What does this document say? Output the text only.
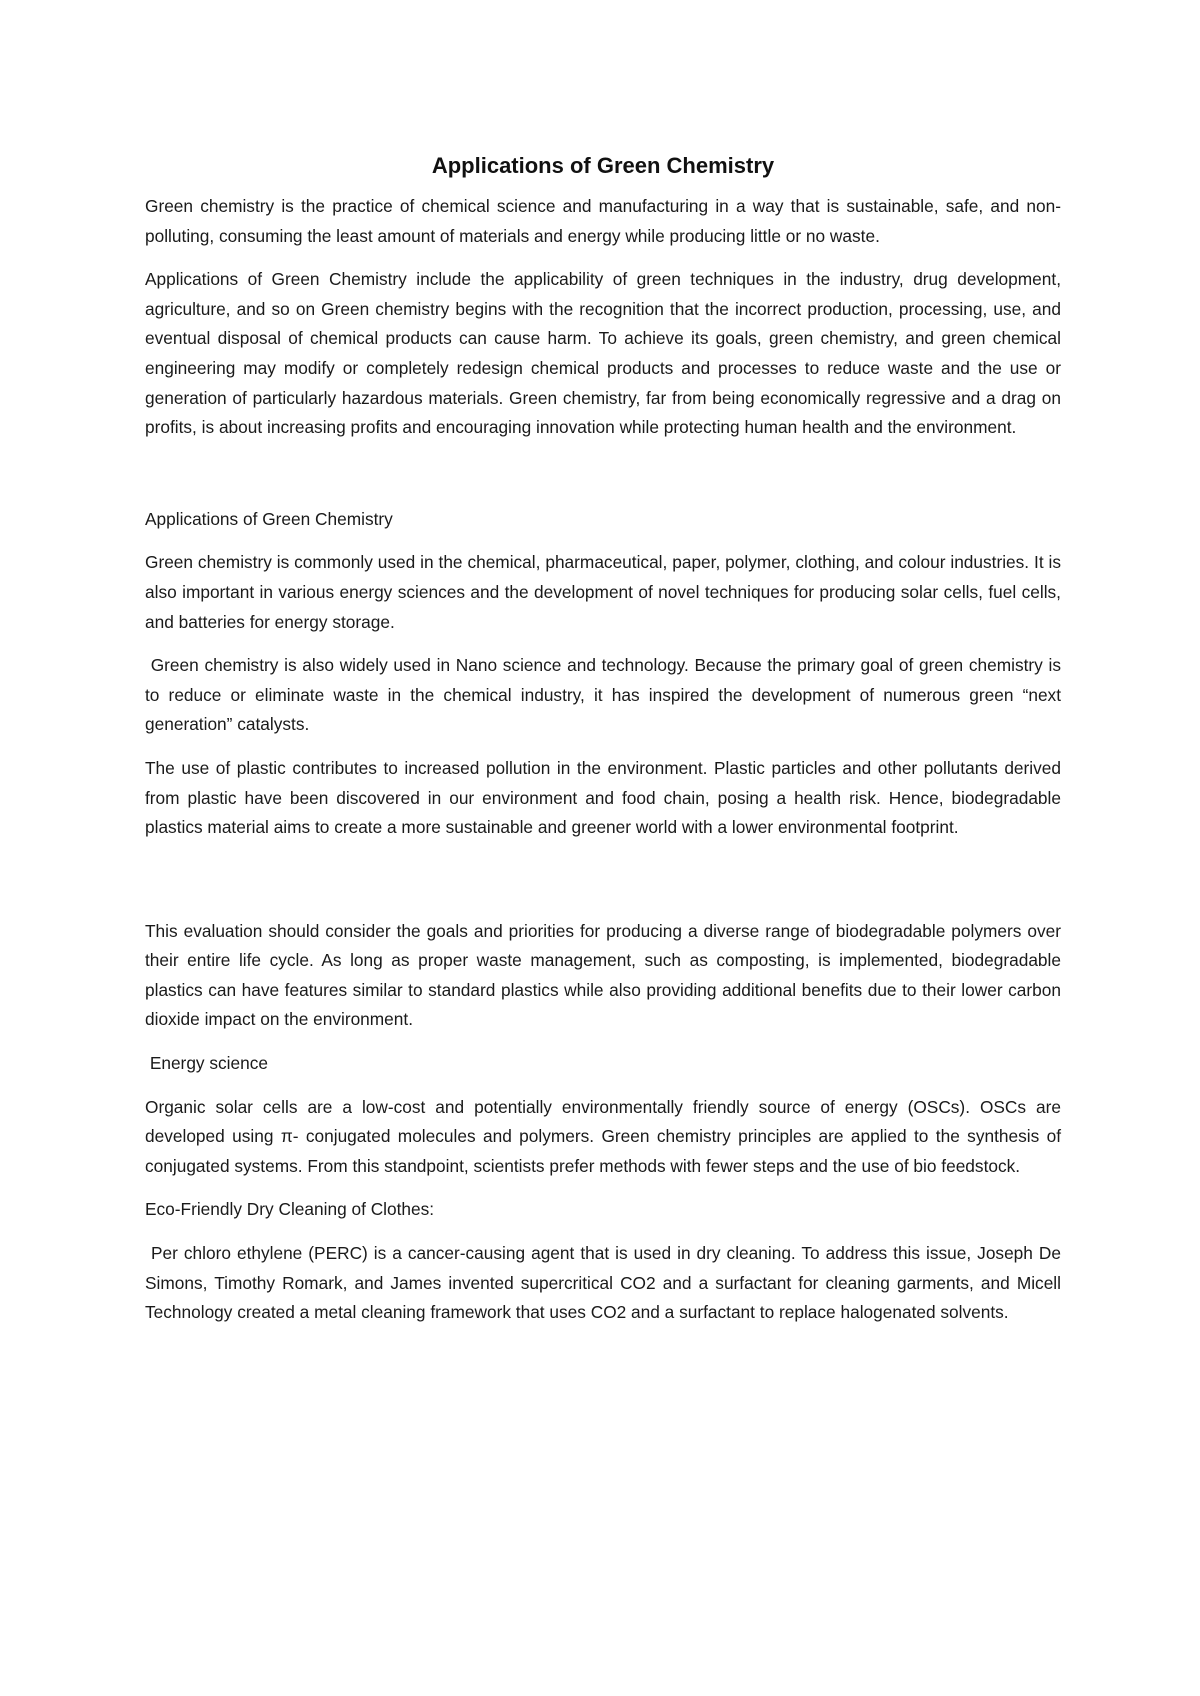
Applications of Green Chemistry

Green chemistry is the practice of chemical science and manufacturing in a way that is sustainable, safe, and non-polluting, consuming the least amount of materials and energy while producing little or no waste.

Applications of Green Chemistry include the applicability of green techniques in the industry, drug development, agriculture, and so on Green chemistry begins with the recognition that the incorrect production, processing, use, and eventual disposal of chemical products can cause harm. To achieve its goals, green chemistry, and green chemical engineering may modify or completely redesign chemical products and processes to reduce waste and the use or generation of particularly hazardous materials. Green chemistry, far from being economically regressive and a drag on profits, is about increasing profits and encouraging innovation while protecting human health and the environment.

Applications of Green Chemistry

Green chemistry is commonly used in the chemical, pharmaceutical, paper, polymer, clothing, and colour industries. It is also important in various energy sciences and the development of novel techniques for producing solar cells, fuel cells, and batteries for energy storage.

Green chemistry is also widely used in Nano science and technology. Because the primary goal of green chemistry is to reduce or eliminate waste in the chemical industry, it has inspired the development of numerous green “next generation” catalysts.

The use of plastic contributes to increased pollution in the environment. Plastic particles and other pollutants derived from plastic have been discovered in our environment and food chain, posing a health risk. Hence, biodegradable plastics material aims to create a more sustainable and greener world with a lower environmental footprint.

This evaluation should consider the goals and priorities for producing a diverse range of biodegradable polymers over their entire life cycle. As long as proper waste management, such as composting, is implemented, biodegradable plastics can have features similar to standard plastics while also providing additional benefits due to their lower carbon dioxide impact on the environment.

Energy science

Organic solar cells are a low-cost and potentially environmentally friendly source of energy (OSCs). OSCs are developed using π- conjugated molecules and polymers. Green chemistry principles are applied to the synthesis of conjugated systems. From this standpoint, scientists prefer methods with fewer steps and the use of bio feedstock.

Eco-Friendly Dry Cleaning of Clothes:

Per chloro ethylene (PERC) is a cancer-causing agent that is used in dry cleaning. To address this issue, Joseph De Simons, Timothy Romark, and James invented supercritical CO2 and a surfactant for cleaning garments, and Micell Technology created a metal cleaning framework that uses CO2 and a surfactant to replace halogenated solvents.
